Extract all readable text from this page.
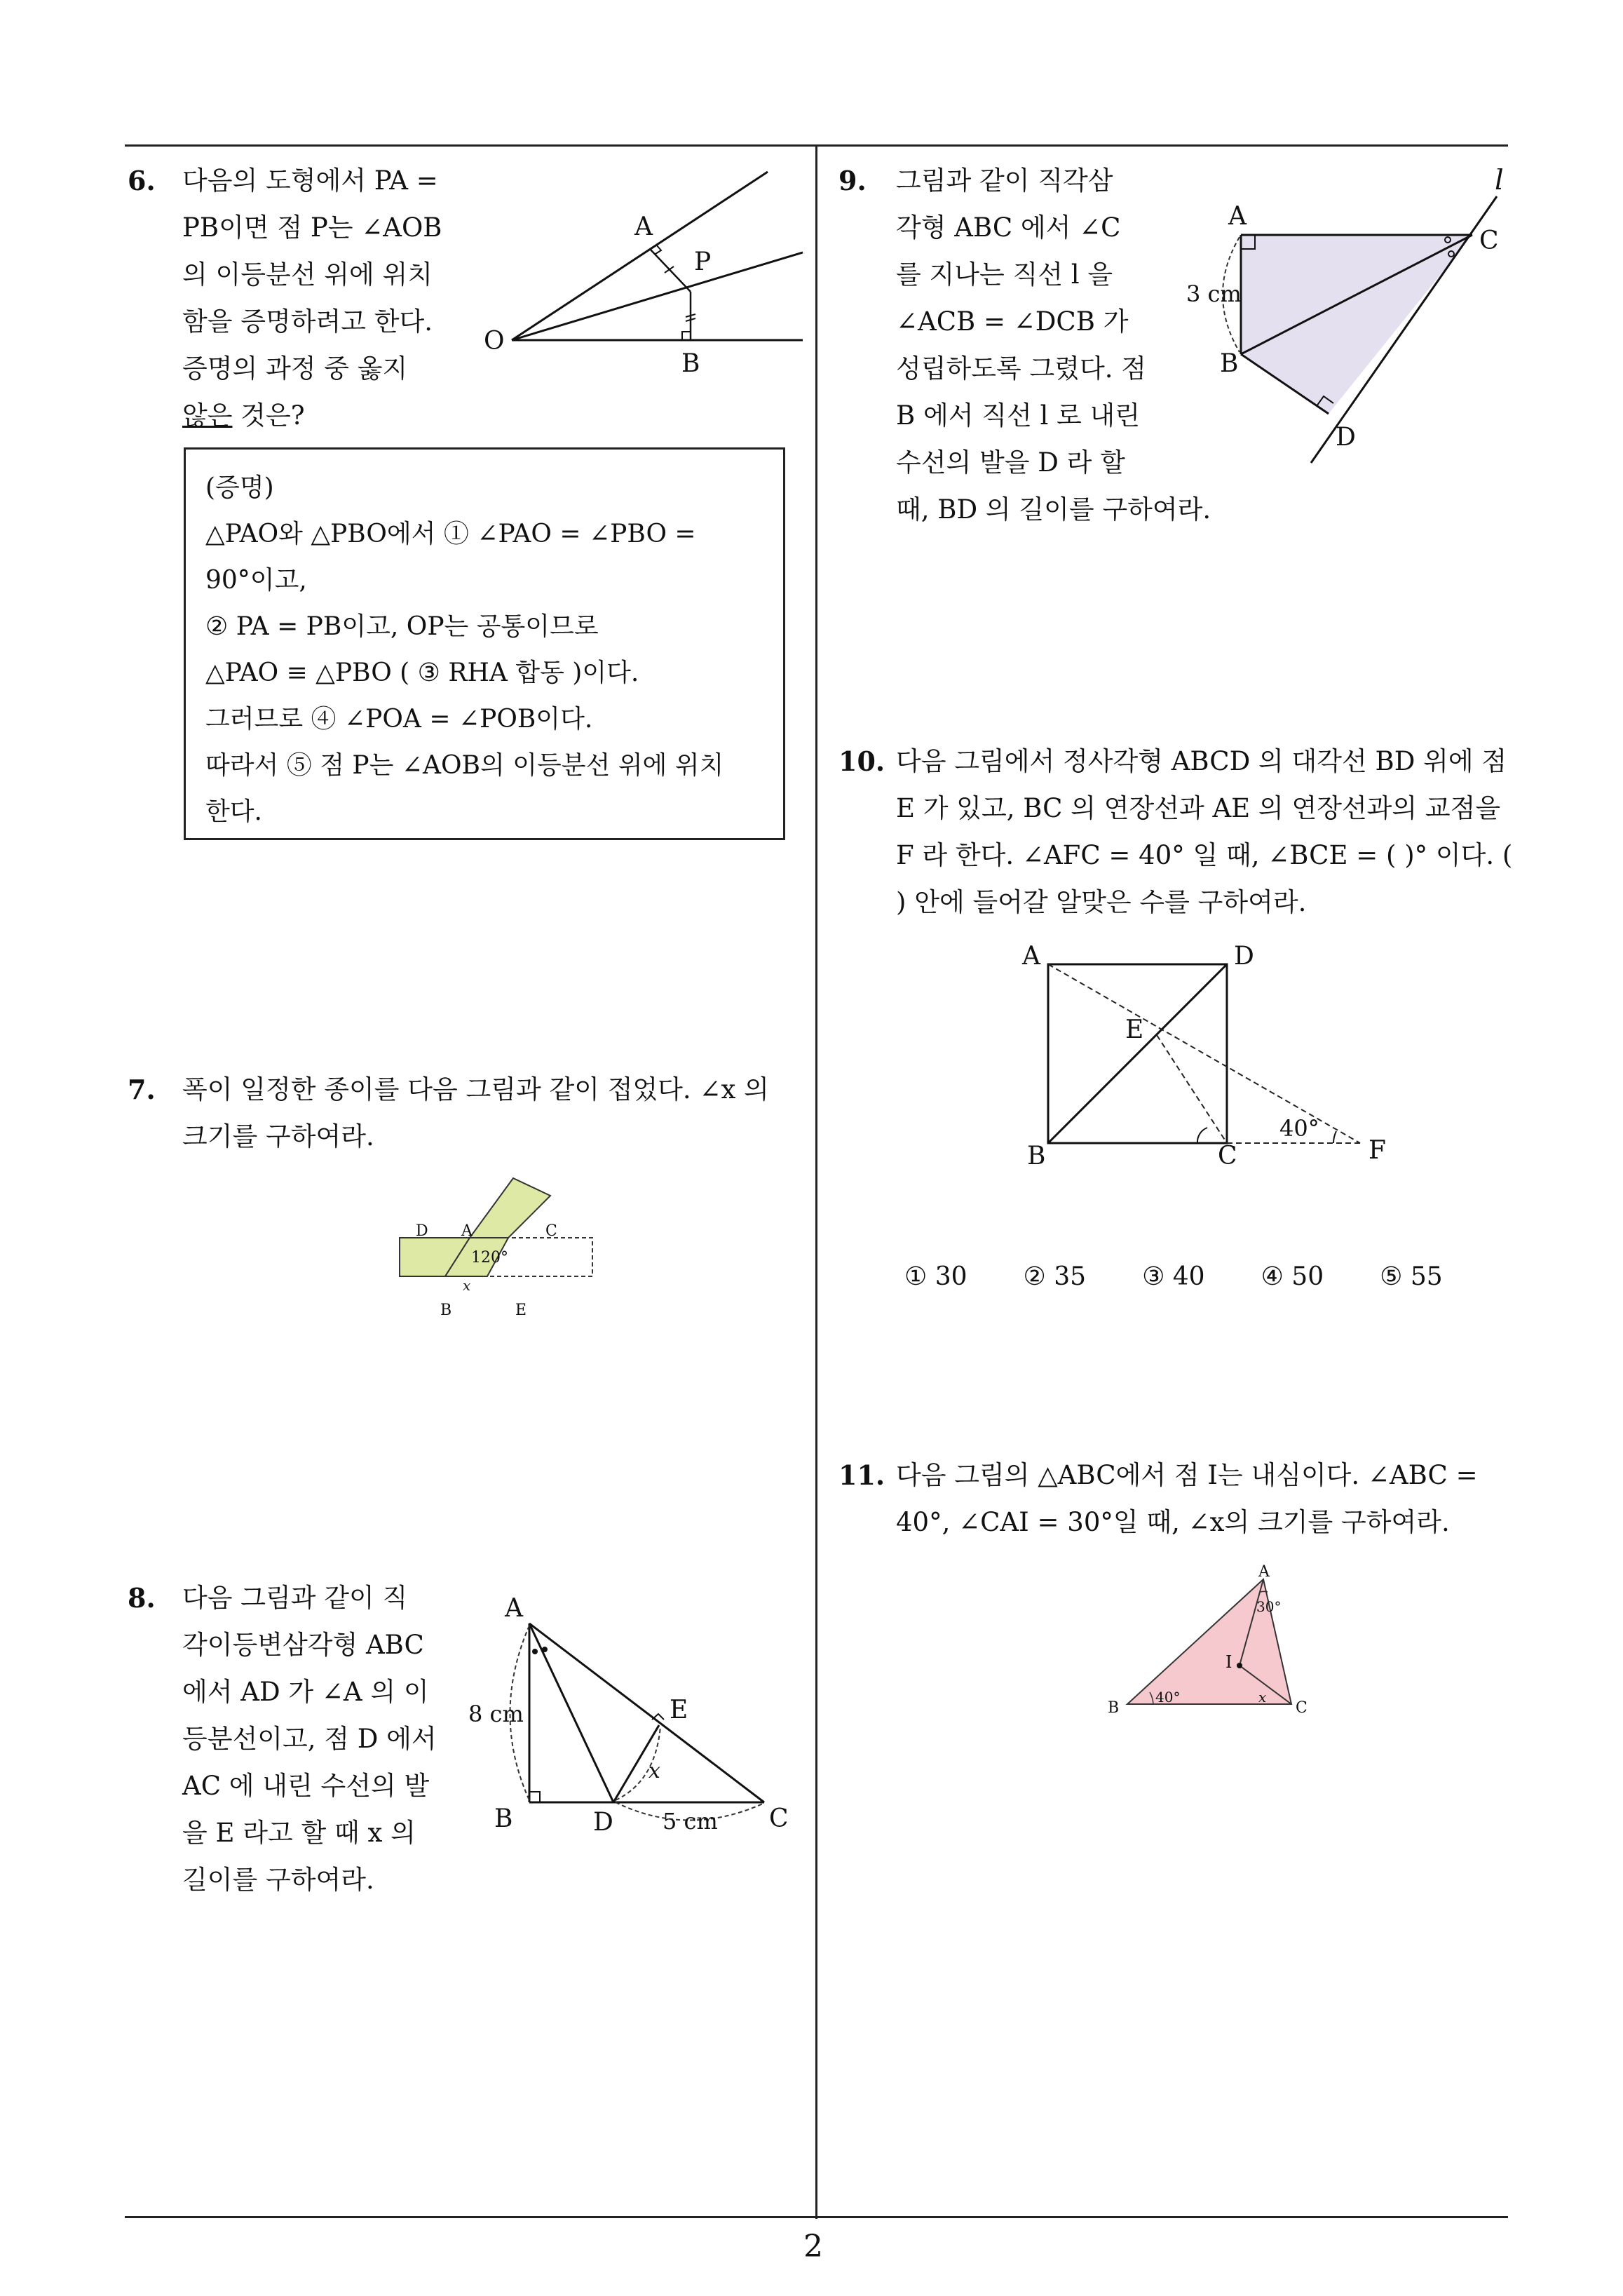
2
6. 다음의 도형에서 PA =
PB이면 점 P는 ∠AOB
의 이등분선 위에 위치
함을 증명하려고 한다.
증명의 과정 중 옳지
않은 것은?
A
P
O
B
(증명)
△PAO와 △PBO에서 ① ∠PAO = ∠PBO =
90°이고,
② PA = PB이고, OP는 공통이므로
△PAO ≡ △PBO ( ③ RHA 합동 )이다.
그러므로 ④ ∠POA = ∠POB이다.
따라서 ⑤ 점 P는 ∠AOB의 이등분선 위에 위치
한다.
7. 폭이 일정한 종이를 다음 그림과 같이 접었다. ∠x 의
크기를 구하여라.
D A	C
B	E
120°
x
8. 다음 그림과 같이 직
각이등변삼각형 ABC
에서 AD 가 ∠A 의 이
등분선이고, 점 D 에서
AC 에 내린 수선의 발
을 E 라고 할 때 x 의
길이를 구하여라.
A
B	C
D
E
8 cm
5 cm
x
9. 그림과 같이 직각삼
각형 ABC 에서 ∠C
를 지나는 직선 l 을
∠ACB = ∠DCB 가
성립하도록 그렸다. 점
B 에서 직선 l 로 내린
수선의 발을 D 라 할
때, BD 의 길이를 구하여라.
A
C
B
D
l
3 cm
10. 다음 그림에서 정사각형 ABCD 의 대각선 BD 위에 점
E 가 있고, BC 의 연장선과 AE 의 연장선과의 교점을
F 라 한다. ∠AFC = 40° 일 때, ∠BCE = ( )° 이다. (
) 안에 들어갈 알맞은 수를 구하여라.
A	D
B	C
E
F
40°
① 30 ② 35 ③ 40 ④ 50 ⑤ 55
11. 다음 그림의 △ABC에서 점 I는 내심이다. ∠ABC =
40°, ∠CAI = 30°일 때, ∠x의 크기를 구하여라.
A
B	C
I
40°
30°
x
